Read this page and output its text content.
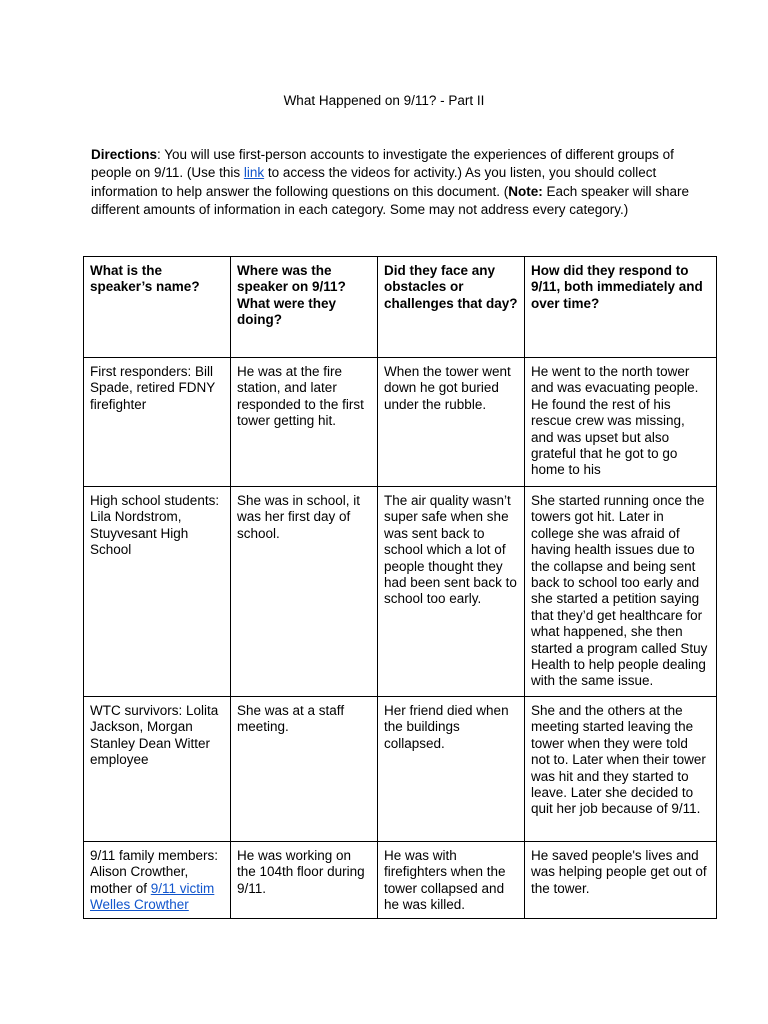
What Happened on 9/11? - Part II
Directions: You will use first-person accounts to investigate the experiences of different groups of people on 9/11. (Use this link to access the videos for activity.) As you listen, you should collect information to help answer the following questions on this document. (Note: Each speaker will share different amounts of information in each category. Some may not address every category.)
What is the speaker’s name?	Where was the speaker on 9/11? What were they doing?	Did they face any obstacles or challenges that day?	How did they respond to 9/11, both immediately and over time?
First responders: Bill Spade, retired FDNY firefighter	He was at the fire station, and later responded to the first tower getting hit.	When the tower went down he got buried under the rubble.	He went to the north tower and was evacuating people. He found the rest of his rescue crew was missing, and was upset but also grateful that he got to go home to his
High school students: Lila Nordstrom, Stuyvesant High School	She was in school, it was her first day of school.	The air quality wasn’t super safe when she was sent back to school which a lot of people thought they had been sent back to school too early.	She started running once the towers got hit. Later in college she was afraid of having health issues due to the collapse and being sent back to school too early and she started a petition saying that they’d get healthcare for what happened, she then started a program called Stuy Health to help people dealing with the same issue.
WTC survivors: Lolita Jackson, Morgan Stanley Dean Witter employee	She was at a staff meeting.	Her friend died when the buildings collapsed.	She and the others at the meeting started leaving the tower when they were told not to. Later when their tower was hit and they started to leave. Later she decided to quit her job because of 9/11.
9/11 family members: Alison Crowther, mother of 9/11 victim Welles Crowther	He was working on the 104th floor during 9/11.	He was with firefighters when the tower collapsed and he was killed.	He saved people's lives and was helping people get out of the tower.
